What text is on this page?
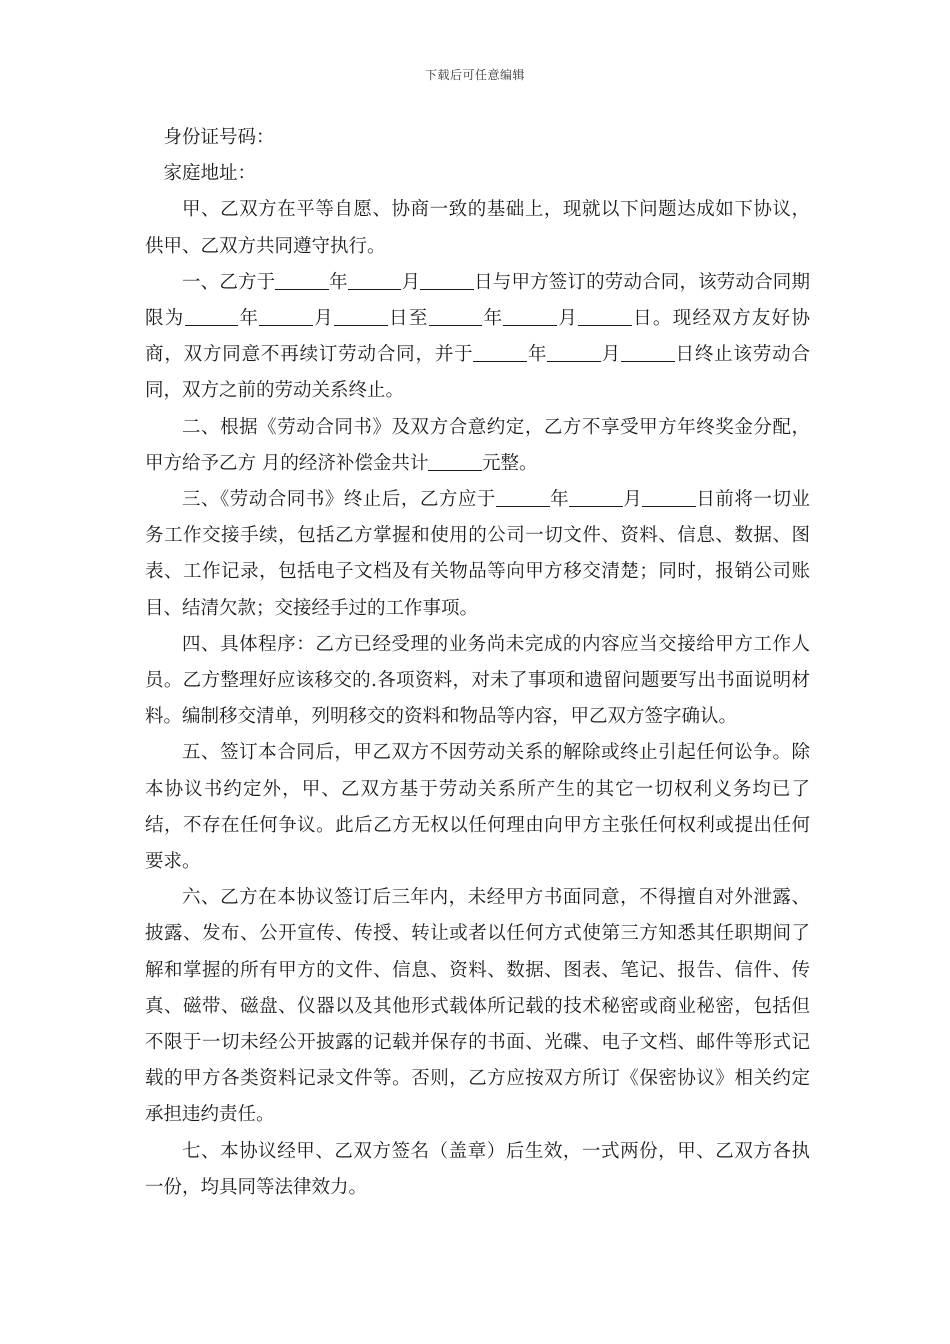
下载后可任意编辑

身份证号码：

家庭地址：

甲、乙双方在平等自愿、协商一致的基础上，现就以下问题达成如下协议，供甲、乙双方共同遵守执行。

一、乙方于	年	月	日与甲方签订的劳动合同，该劳动合同期限为	年	月	日至	年	月	日。现经双方友好协商，双方同意不再续订劳动合同，并于	年	月	日终止该劳动合同，双方之前的劳动关系终止。

二、根据《劳动合同书》及双方合意约定，乙方不享受甲方年终奖金分配，甲方给予乙方 月的经济补偿金共计	元整。

三、《劳动合同书》终止后，乙方应于	年	月	日前将一切业务工作交接手续，包括乙方掌握和使用的公司一切文件、资料、信息、数据、图表、工作记录，包括电子文档及有关物品等向甲方移交清楚；同时，报销公司账目、结清欠款；交接经手过的工作事项。

四、具体程序：乙方已经受理的业务尚未完成的内容应当交接给甲方工作人员。乙方整理好应该移交的.各项资料，对未了事项和遗留问题要写出书面说明材料。编制移交清单，列明移交的资料和物品等内容，甲乙双方签字确认。

五、签订本合同后，甲乙双方不因劳动关系的解除或终止引起任何讼争。除本协议书约定外，甲、乙双方基于劳动关系所产生的其它一切权利义务均已了结，不存在任何争议。此后乙方无权以任何理由向甲方主张任何权利或提出任何要求。

六、乙方在本协议签订后三年内，未经甲方书面同意，不得擅自对外泄露、披露、发布、公开宣传、传授、转让或者以任何方式使第三方知悉其任职期间了解和掌握的所有甲方的文件、信息、资料、数据、图表、笔记、报告、信件、传真、磁带、磁盘、仪器以及其他形式载体所记载的技术秘密或商业秘密，包括但不限于一切未经公开披露的记载并保存的书面、光碟、电子文档、邮件等形式记载的甲方各类资料记录文件等。否则，乙方应按双方所订《保密协议》相关约定承担违约责任。

七、本协议经甲、乙双方签名（盖章）后生效，一式两份，甲、乙双方各执一份，均具同等法律效力。
